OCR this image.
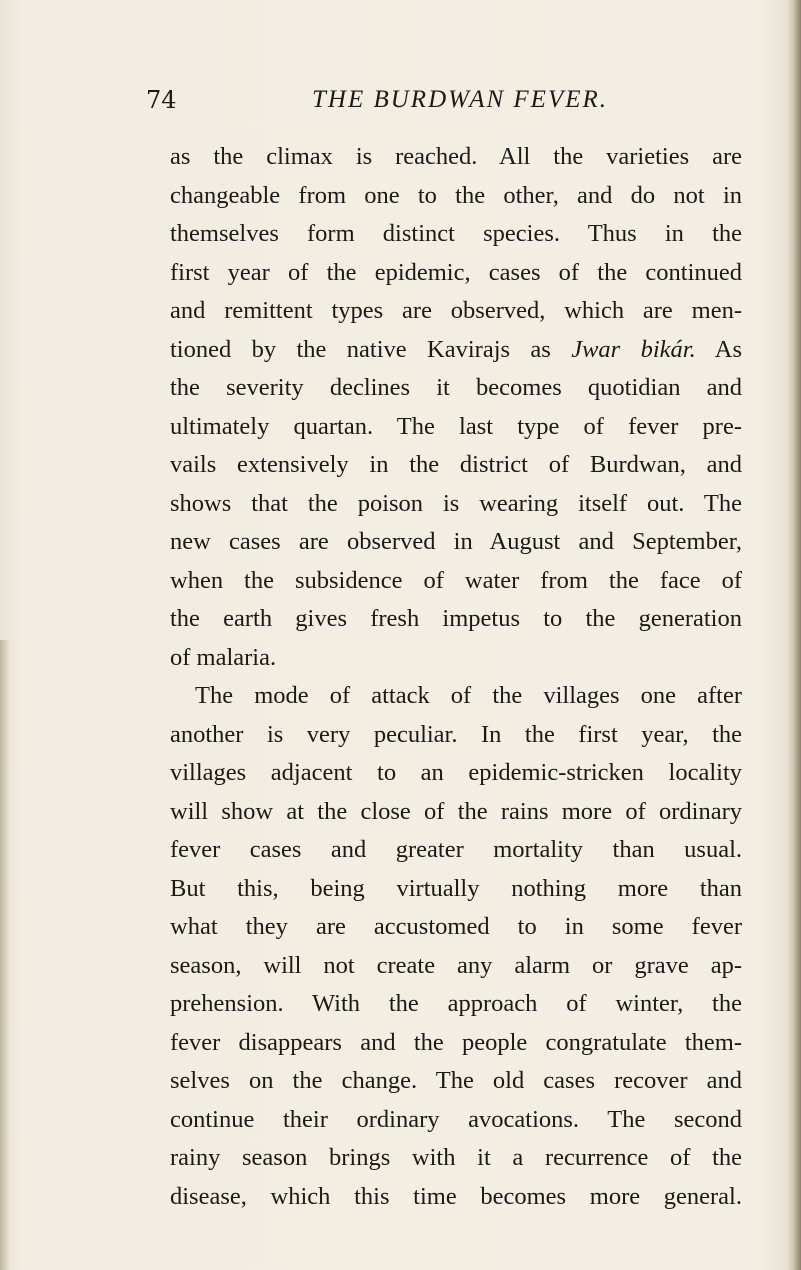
74	THE BURDWAN FEVER.
as the climax is reached. All the varieties are
changeable from one to the other, and do not in
themselves form distinct species. Thus in the
first year of the epidemic, cases of the continued
and remittent types are observed, which are men-
tioned by the native Kavirajs as Jwar bikár. As
the severity declines it becomes quotidian and
ultimately quartan. The last type of fever pre-
vails extensively in the district of Burdwan, and
shows that the poison is wearing itself out. The
new cases are observed in August and September,
when the subsidence of water from the face of
the earth gives fresh impetus to the generation
of malaria.
The mode of attack of the villages one after
another is very peculiar. In the first year, the
villages adjacent to an epidemic-stricken locality
will show at the close of the rains more of ordinary
fever cases and greater mortality than usual.
But this, being virtually nothing more than
what they are accustomed to in some fever
season, will not create any alarm or grave ap-
prehension. With the approach of winter, the
fever disappears and the people congratulate them-
selves on the change. The old cases recover and
continue their ordinary avocations. The second
rainy season brings with it a recurrence of the
disease, which this time becomes more general.
